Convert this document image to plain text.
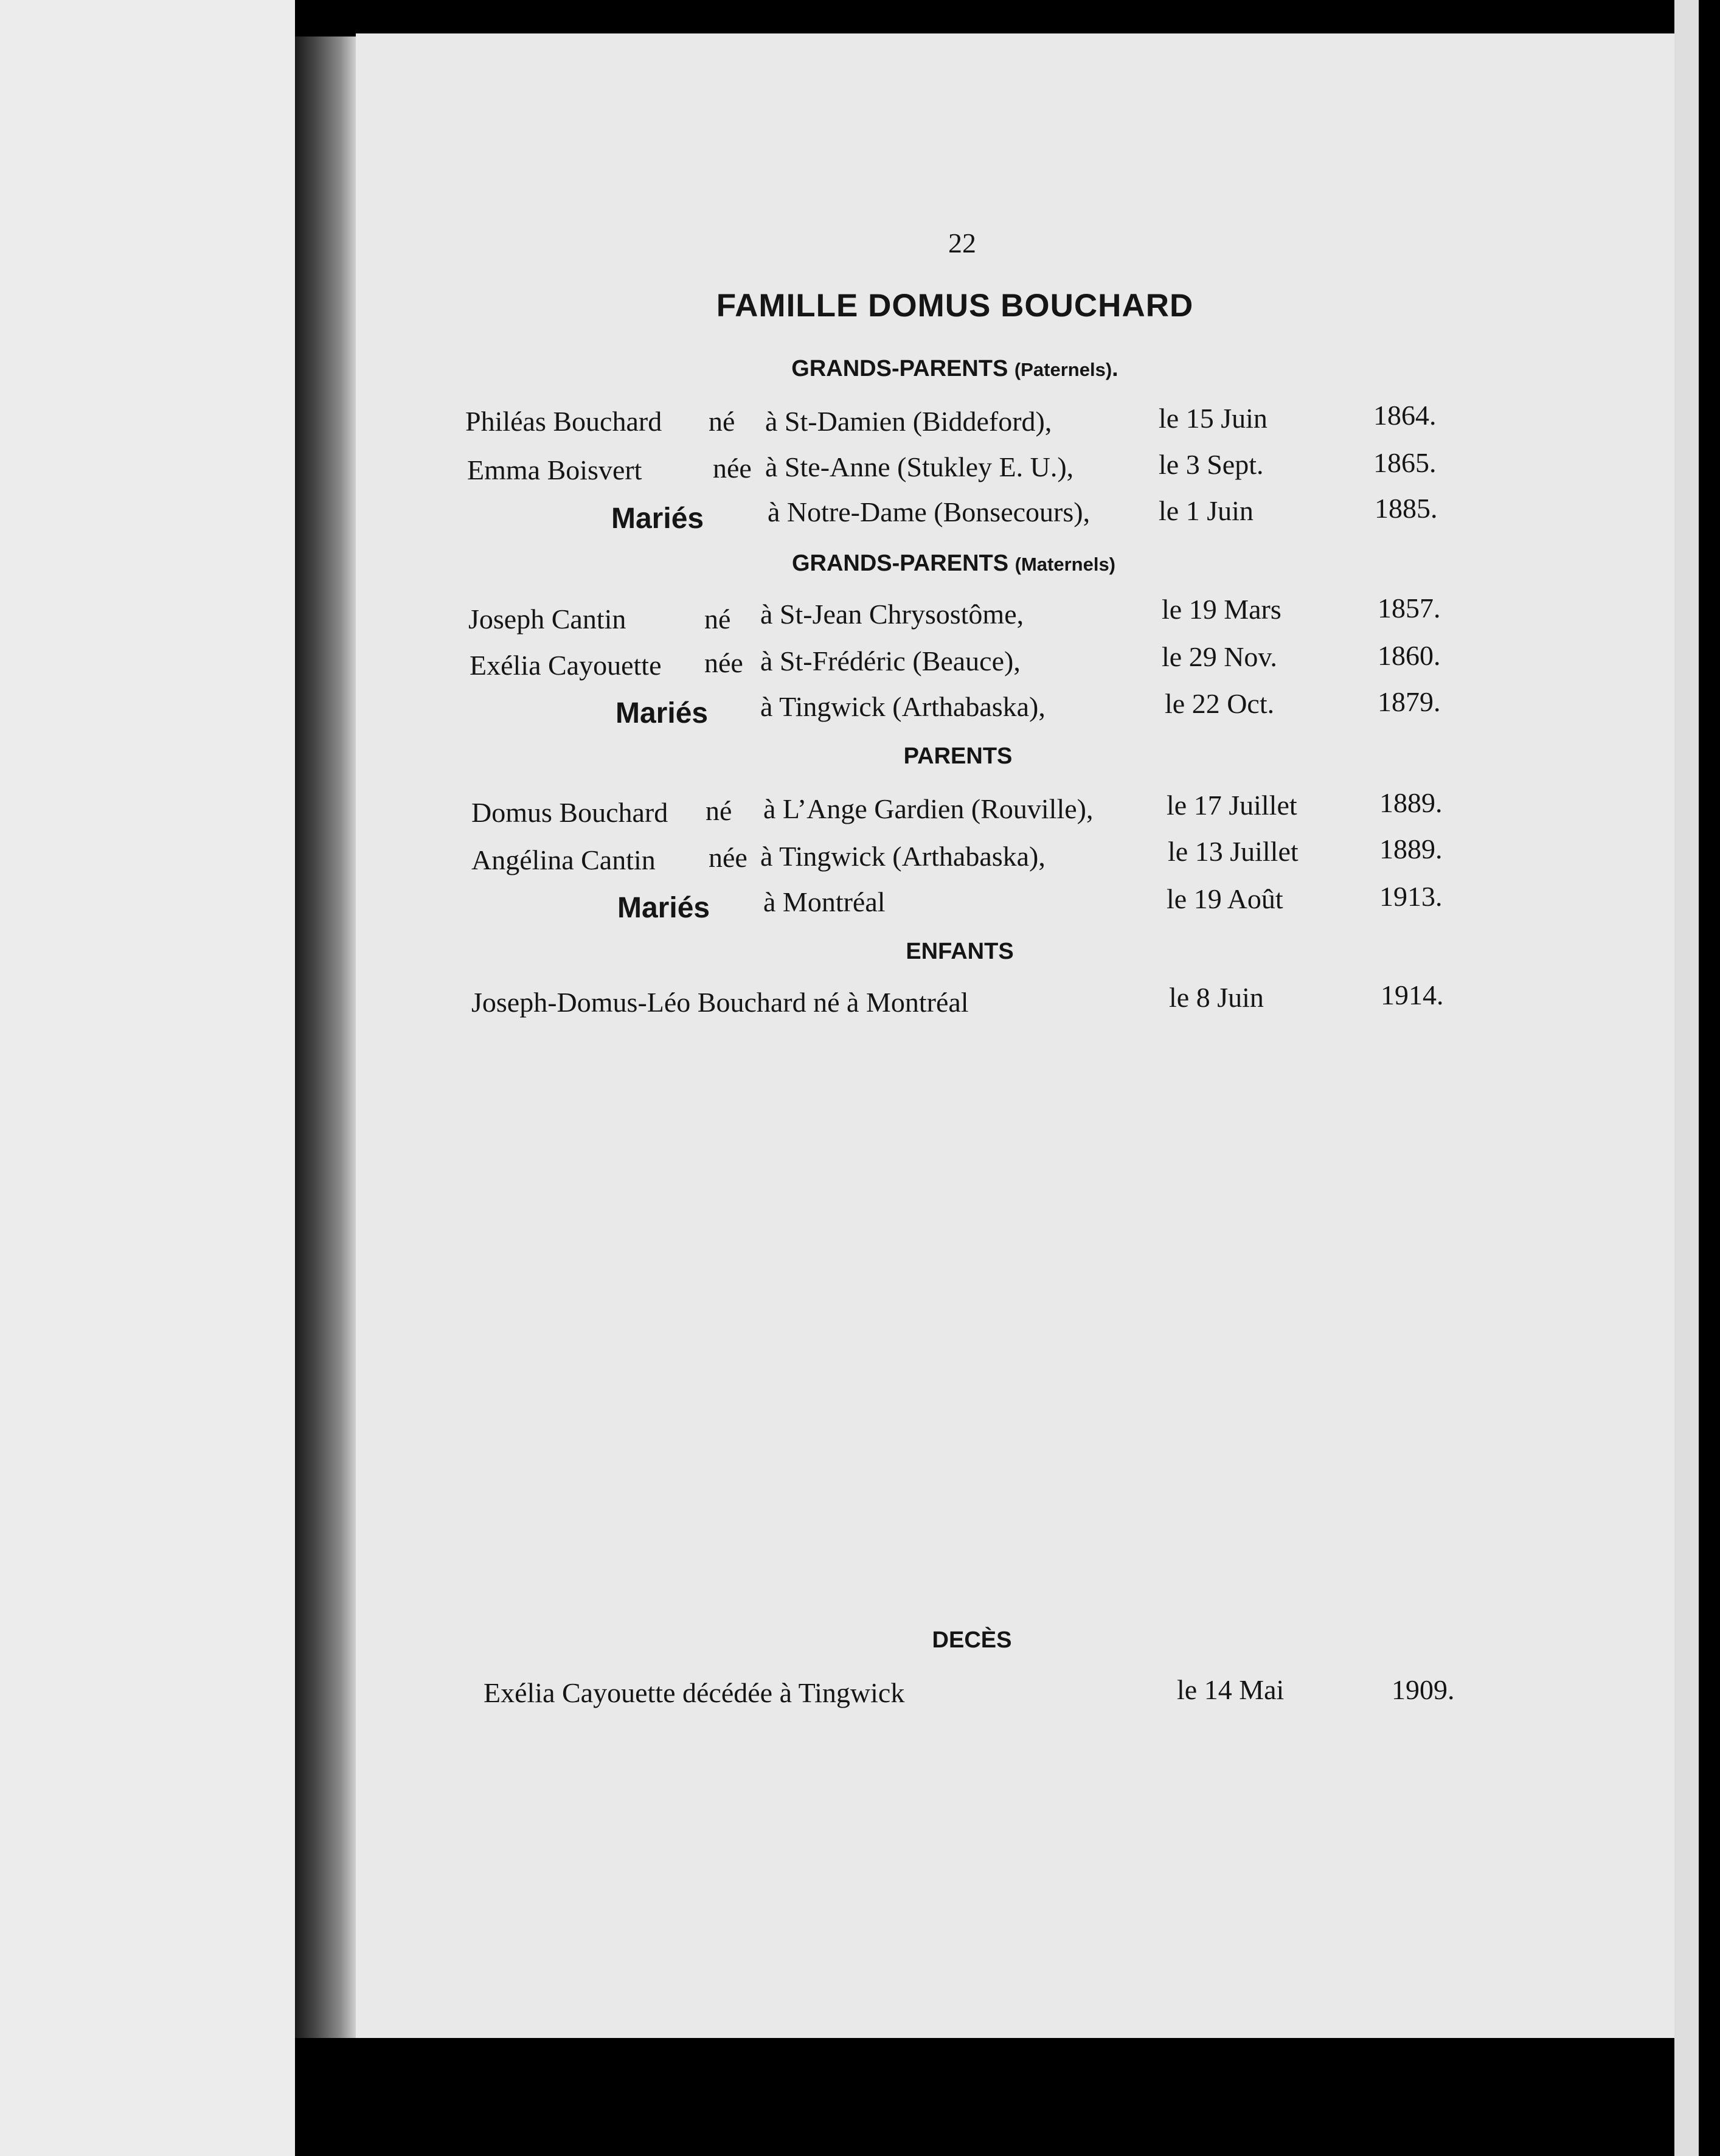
22
FAMILLE DOMUS BOUCHARD
GRANDS-PARENTS (Paternels).
Philéas Bouchard né à St-Damien (Biddeford),	le 15 Juin	1864.
Emma Boisvert	née à Ste-Anne (Stukley E. U.),	le 3 Sept.	1865.
Mariés à Notre-Dame (Bonsecours), le 1 Juin	1885.
GRANDS-PARENTS (Maternels)
Joseph Cantin	né à St-Jean Chrysostôme,	le 19 Mars	1857.
Exélia Cayouette née à St-Frédéric (Beauce),	le 29 Nov.	1860.
Mariés à Tingwick (Arthabaska),	le 22 Oct.	1879.
PARENTS
Domus Bouchard né à L’Ange Gardien (Rouville),	le 17 Juillet	1889.
Angélina Cantin née à Tingwick (Arthabaska),	le 13 Juillet	1889.
Mariés à Montréal	le 19 Août	1913.
ENFANTS
Joseph-Domus-Léo Bouchard né à Montréal	le 8 Juin	1914.
DECÈS
Exélia Cayouette décédée à Tingwick	le 14 Mai	1909.
